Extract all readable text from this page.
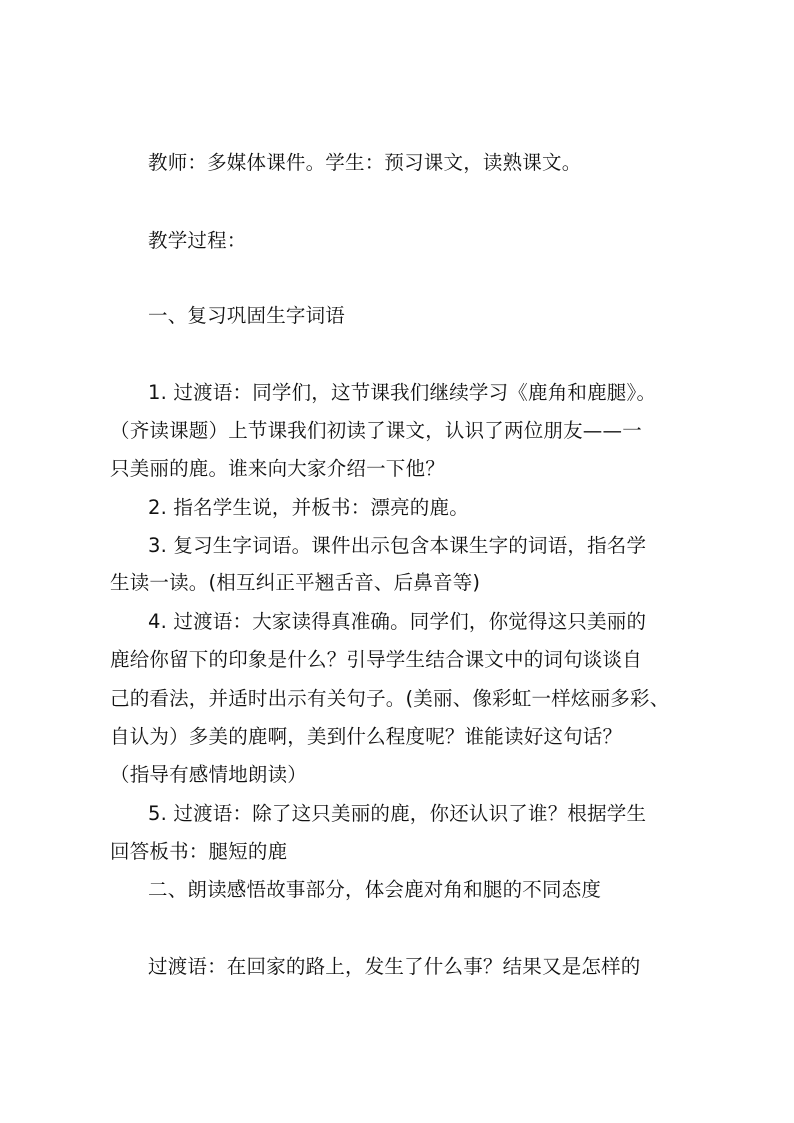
教师：多媒体课件。学生：预习课文，读熟课文。
教学过程：
一、复习巩固生字词语
1. 过渡语：同学们，这节课我们继续学习《鹿角和鹿腿》。
（齐读课题）上节课我们初读了课文，认识了两位朋友——一
只美丽的鹿。谁来向大家介绍一下他？
2. 指名学生说，并板书：漂亮的鹿。
3. 复习生字词语。课件出示包含本课生字的词语，指名学
生读一读。(相互纠正平翘舌音、后鼻音等)
4. 过渡语：大家读得真准确。同学们，你觉得这只美丽的
鹿给你留下的印象是什么？引导学生结合课文中的词句谈谈自
己的看法，并适时出示有关句子。(美丽、像彩虹一样炫丽多彩、
自认为）多美的鹿啊，美到什么程度呢？谁能读好这句话？
（指导有感情地朗读）
5. 过渡语：除了这只美丽的鹿，你还认识了谁？根据学生
回答板书：腿短的鹿
二、朗读感悟故事部分，体会鹿对角和腿的不同态度
过渡语：在回家的路上，发生了什么事？结果又是怎样的
